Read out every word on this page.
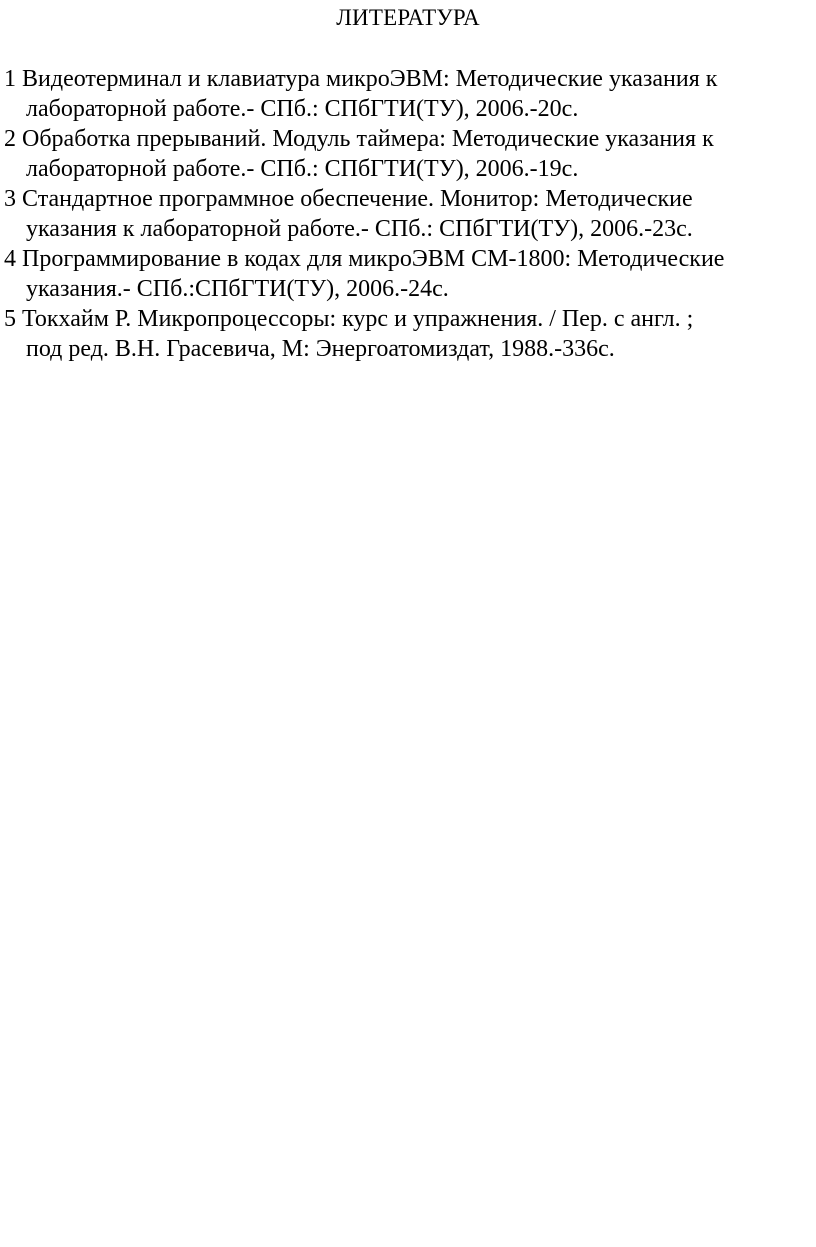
ЛИТЕРАТУРА

1 Видеотерминал и клавиатура микроЭВМ: Методические указания к
лабораторной работе.- СПб.: СПбГТИ(ТУ), 2006.-20с.

2 Обработка прерываний. Модуль таймера: Методические указания к
лабораторной работе.- СПб.: СПбГТИ(ТУ), 2006.-19с.

3 Стандартное программное обеспечение. Монитор: Методические
указания к лабораторной работе.- СПб.: СПбГТИ(ТУ), 2006.-23с.

4 Программирование в кодах для микроЭВМ СМ-1800: Методические
указания.- СПб.:СПбГТИ(ТУ), 2006.-24с.

5 Токхайм Р. Микропроцессоры: курс и упражнения. / Пер. с англ. ;
под ред. В.Н. Грасевича, М: Энергоатомиздат, 1988.-336с.
